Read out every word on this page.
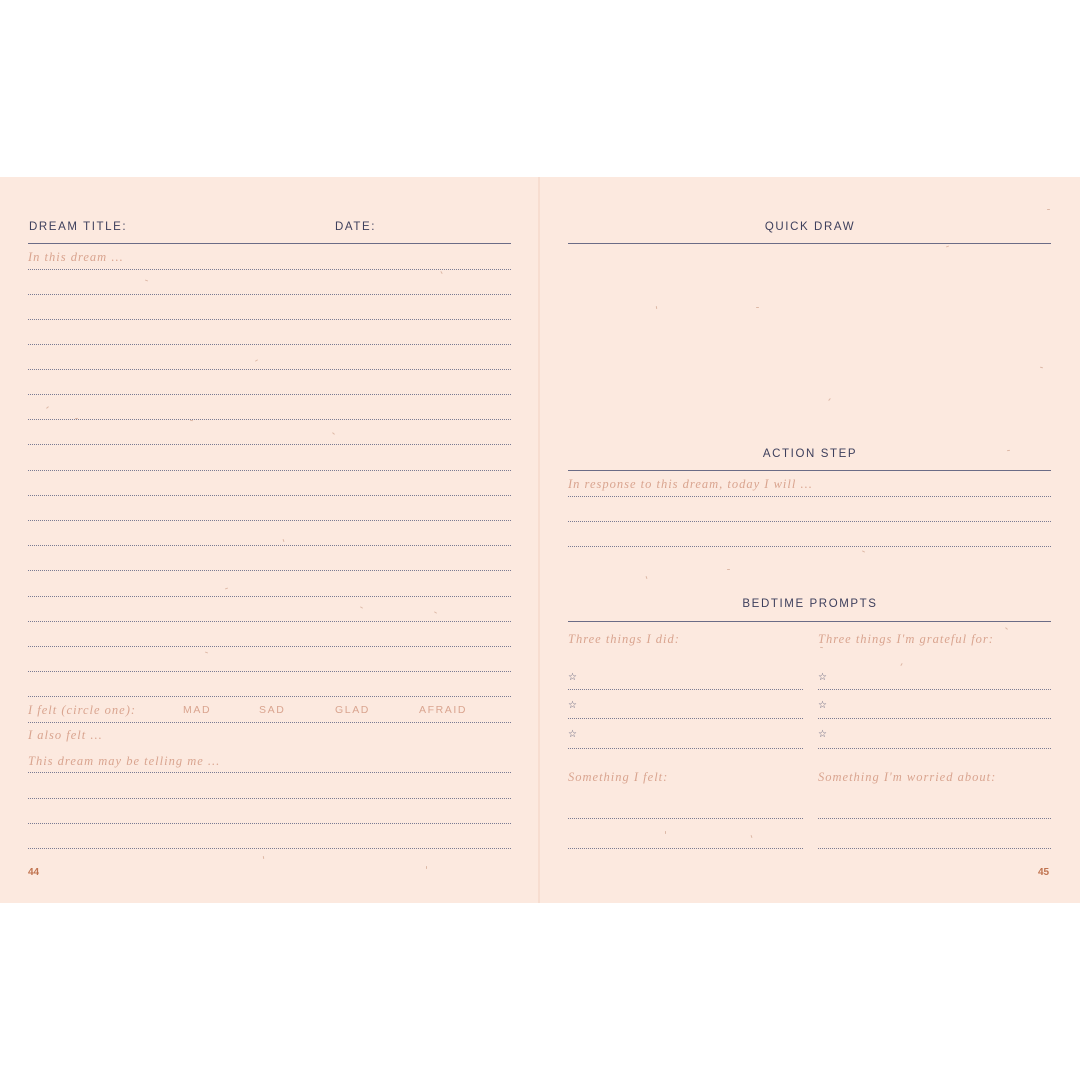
DREAM TITLE:	DATE:
In this dream ...
I felt (circle one):	MAD	SAD	GLAD	AFRAID
I also felt ...
This dream may be telling me ...
44
QUICK DRAW
ACTION STEP
In response to this dream, today I will ...
BEDTIME PROMPTS
Three things I did:	Three things I'm grateful for:
☆	☆
☆	☆
☆	☆
Something I felt:	Something I'm worried about:
45
